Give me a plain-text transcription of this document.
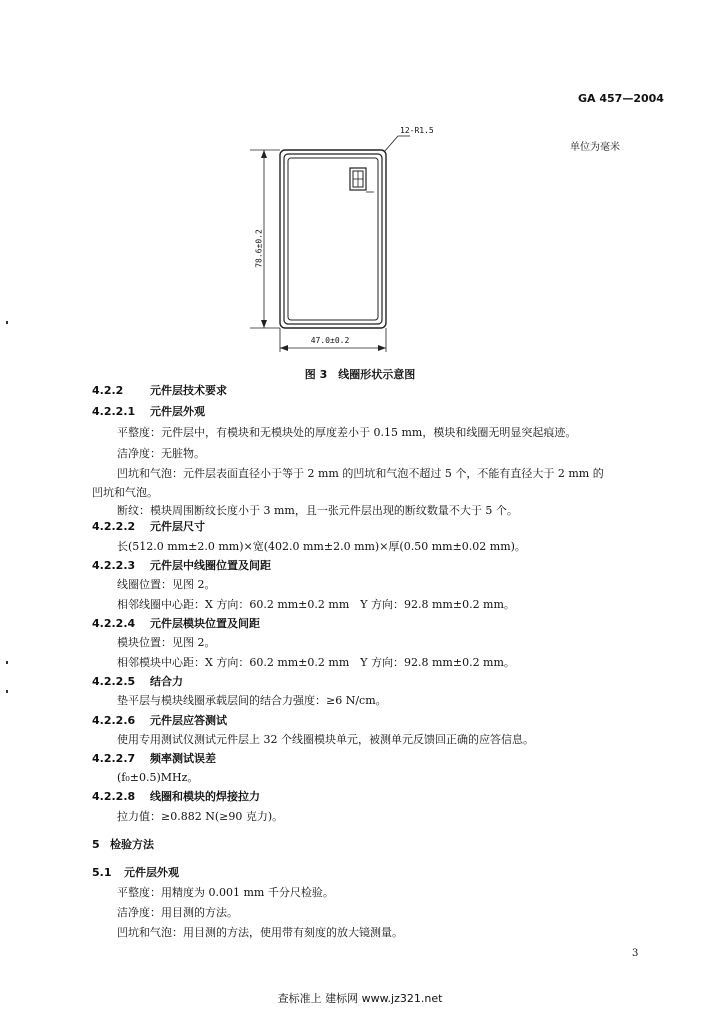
GA 457—2004
单位为毫米
12-R1.5
78.6±0.2
47.0±0.2
图 3　线圈形状示意图
4.2.2 元件层技术要求
4.2.2.1 元件层外观
平整度：元件层中，有模块和无模块处的厚度差小于 0.15 mm，模块和线圈无明显突起痕迹。
洁净度：无脏物。
凹坑和气泡：元件层表面直径小于等于 2 mm 的凹坑和气泡不超过 5 个，不能有直径大于 2 mm 的
凹坑和气泡。
断纹：模块周围断纹长度小于 3 mm，且一张元件层出现的断纹数量不大于 5 个。
4.2.2.2 元件层尺寸
长(512.0 mm±2.0 mm)×宽(402.0 mm±2.0 mm)×厚(0.50 mm±0.02 mm)。
4.2.2.3 元件层中线圈位置及间距
线圈位置：见图 2。
相邻线圈中心距：X 方向：60.2 mm±0.2 mm　Y 方向：92.8 mm±0.2 mm。
4.2.2.4 元件层模块位置及间距
模块位置：见图 2。
相邻模块中心距：X 方向：60.2 mm±0.2 mm　Y 方向：92.8 mm±0.2 mm。
4.2.2.5 结合力
垫平层与模块线圈承载层间的结合力强度：≥6 N/cm。
4.2.2.6 元件层应答测试
使用专用测试仪测试元件层上 32 个线圈模块单元，被测单元反馈回正确的应答信息。
4.2.2.7 频率测试误差
(f₀±0.5)MHz。
4.2.2.8 线圈和模块的焊接拉力
拉力值：≥0.882 N(≥90 克力)。
5 检验方法
5.1 元件层外观
平整度：用精度为 0.001 mm 千分尺检验。
洁净度：用目测的方法。
凹坑和气泡：用目测的方法，使用带有刻度的放大镜测量。
3
查标准上 建标网 www.jz321.net
